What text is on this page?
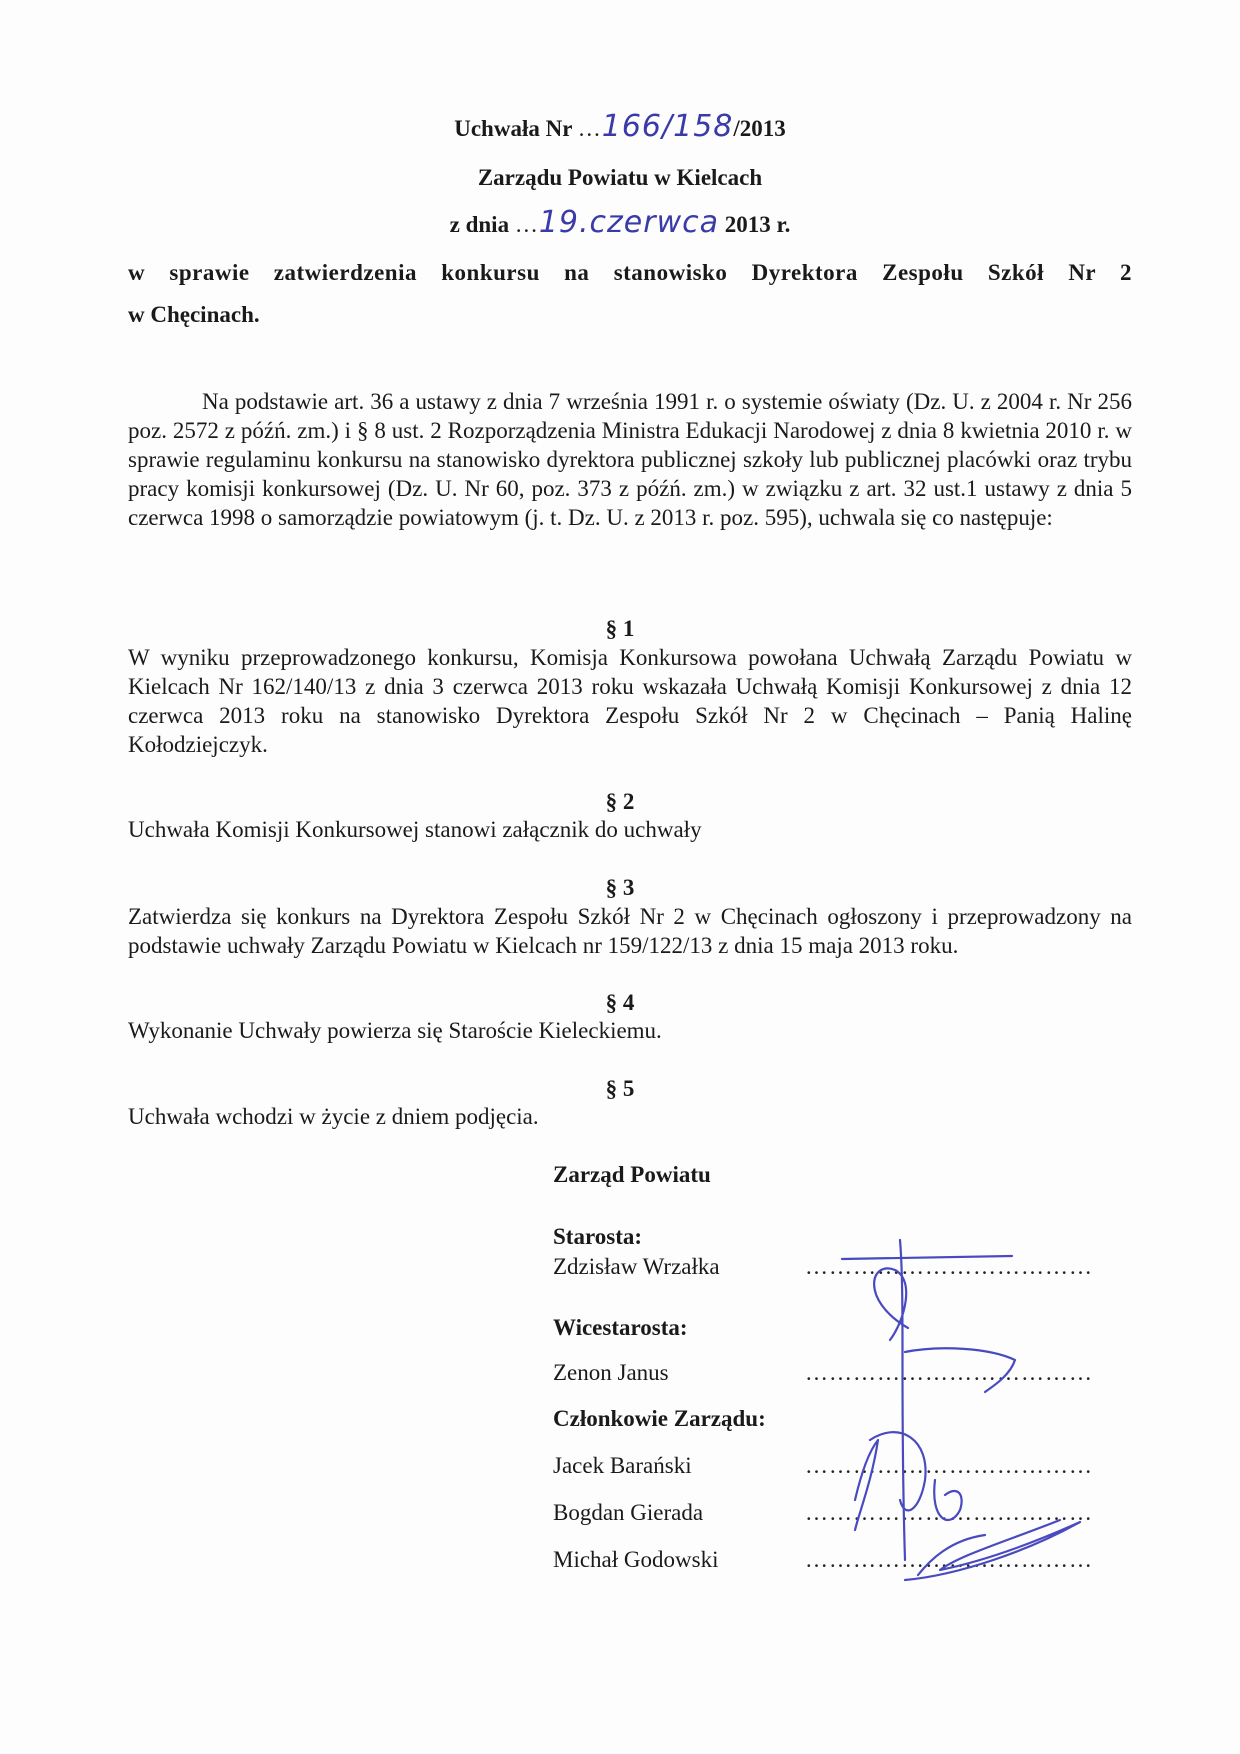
Uchwała Nr …166/158/2013
Zarządu Powiatu w Kielcach
z dnia …19.czerwca 2013 r.
w sprawie zatwierdzenia konkursu na stanowisko Dyrektora Zespołu Szkół Nr 2
w Chęcinach.
Na podstawie art. 36 a ustawy z dnia 7 września 1991 r. o systemie oświaty (Dz. U. z 2004 r. Nr 256 poz. 2572 z późń. zm.) i § 8 ust. 2 Rozporządzenia Ministra Edukacji Narodowej z dnia 8 kwietnia 2010 r. w sprawie regulaminu konkursu na stanowisko dyrektora publicznej szkoły lub publicznej placówki oraz trybu pracy komisji konkursowej (Dz. U. Nr 60, poz. 373 z późń. zm.) w związku z art. 32 ust.1 ustawy z dnia 5 czerwca 1998 o samorządzie powiatowym (j. t. Dz. U. z 2013 r. poz. 595), uchwala się co następuje:
§ 1
W wyniku przeprowadzonego konkursu, Komisja Konkursowa powołana Uchwałą Zarządu Powiatu w Kielcach Nr 162/140/13 z dnia 3 czerwca 2013 roku wskazała Uchwałą Komisji Konkursowej z dnia 12 czerwca 2013 roku na stanowisko Dyrektora Zespołu Szkół Nr 2 w Chęcinach – Panią Halinę Kołodziejczyk.
§ 2
Uchwała Komisji Konkursowej stanowi załącznik do uchwały
§ 3
Zatwierdza się konkurs na Dyrektora Zespołu Szkół Nr 2 w Chęcinach ogłoszony i przeprowadzony na podstawie uchwały Zarządu Powiatu w Kielcach nr 159/122/13 z dnia 15 maja 2013 roku.
§ 4
Wykonanie Uchwały powierza się Staroście Kieleckiemu.
§ 5
Uchwała wchodzi w życie z dniem podjęcia.
Zarząd Powiatu
Starosta:
Zdzisław Wrzałka	………………………………
Wicestarosta:
Zenon Janus	………………………………
Członkowie Zarządu:
Jacek Barański	………………………………
Bogdan Gierada	………………………………
Michał Godowski	………………………………
